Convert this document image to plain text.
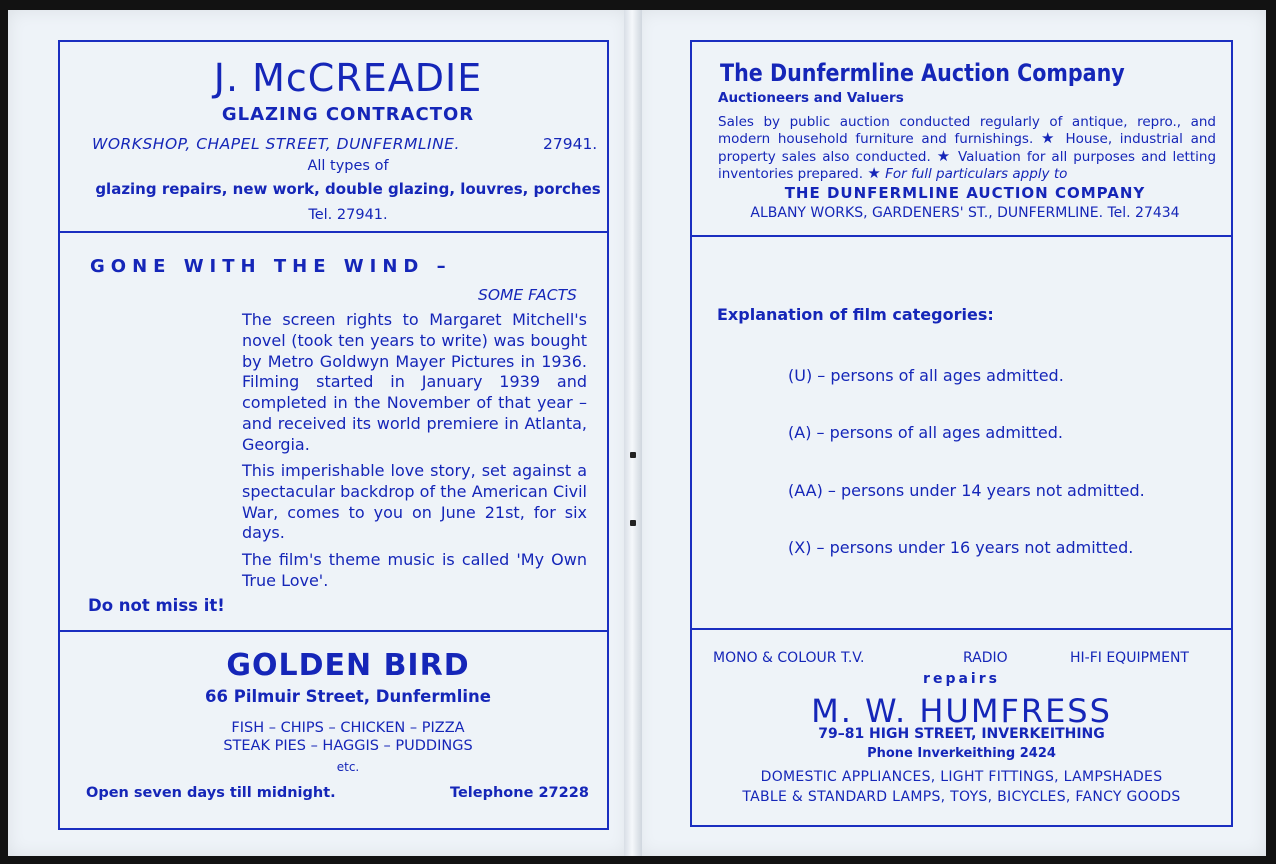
J. McCREADIE
GLAZING CONTRACTOR
WORKSHOP, CHAPEL STREET, DUNFERMLINE.	27941.
All types of
glazing repairs, new work, double glazing, louvres, porches
Tel. 27941.
GONE WITH THE WIND –
SOME FACTS
The screen rights to Margaret Mitchell's novel (took ten years to write) was bought by Metro Goldwyn Mayer Pictures in 1936. Filming started in January 1939 and completed in the November of that year – and received its world premiere in Atlanta, Georgia.
This imperishable love story, set against a spectacular backdrop of the American Civil War, comes to you on June 21st, for six days.
The film's theme music is called 'My Own True Love'.
Do not miss it!
GOLDEN BIRD
66 Pilmuir Street, Dunfermline
FISH – CHIPS – CHICKEN – PIZZA
STEAK PIES – HAGGIS – PUDDINGS
etc.
Open seven days till midnight.	Telephone 27228
The Dunfermline Auction Company
Auctioneers and Valuers
Sales by public auction conducted regularly of antique, repro., and modern household furniture and furnishings. ★ House, industrial and property sales also conducted. ★ Valuation for all purposes and letting inventories prepared. ★ For full particulars apply to
THE DUNFERMLINE AUCTION COMPANY
ALBANY WORKS, GARDENERS' ST., DUNFERMLINE. Tel. 27434
Explanation of film categories:
(U) – persons of all ages admitted.
(A) – persons of all ages admitted.
(AA) – persons under 14 years not admitted.
(X) – persons under 16 years not admitted.
MONO & COLOUR T.V.	RADIO	HI-FI EQUIPMENT
repairs
M. W. HUMFRESS
79–81 HIGH STREET, INVERKEITHING
Phone Inverkeithing 2424
DOMESTIC APPLIANCES, LIGHT FITTINGS, LAMPSHADES
TABLE & STANDARD LAMPS, TOYS, BICYCLES, FANCY GOODS
